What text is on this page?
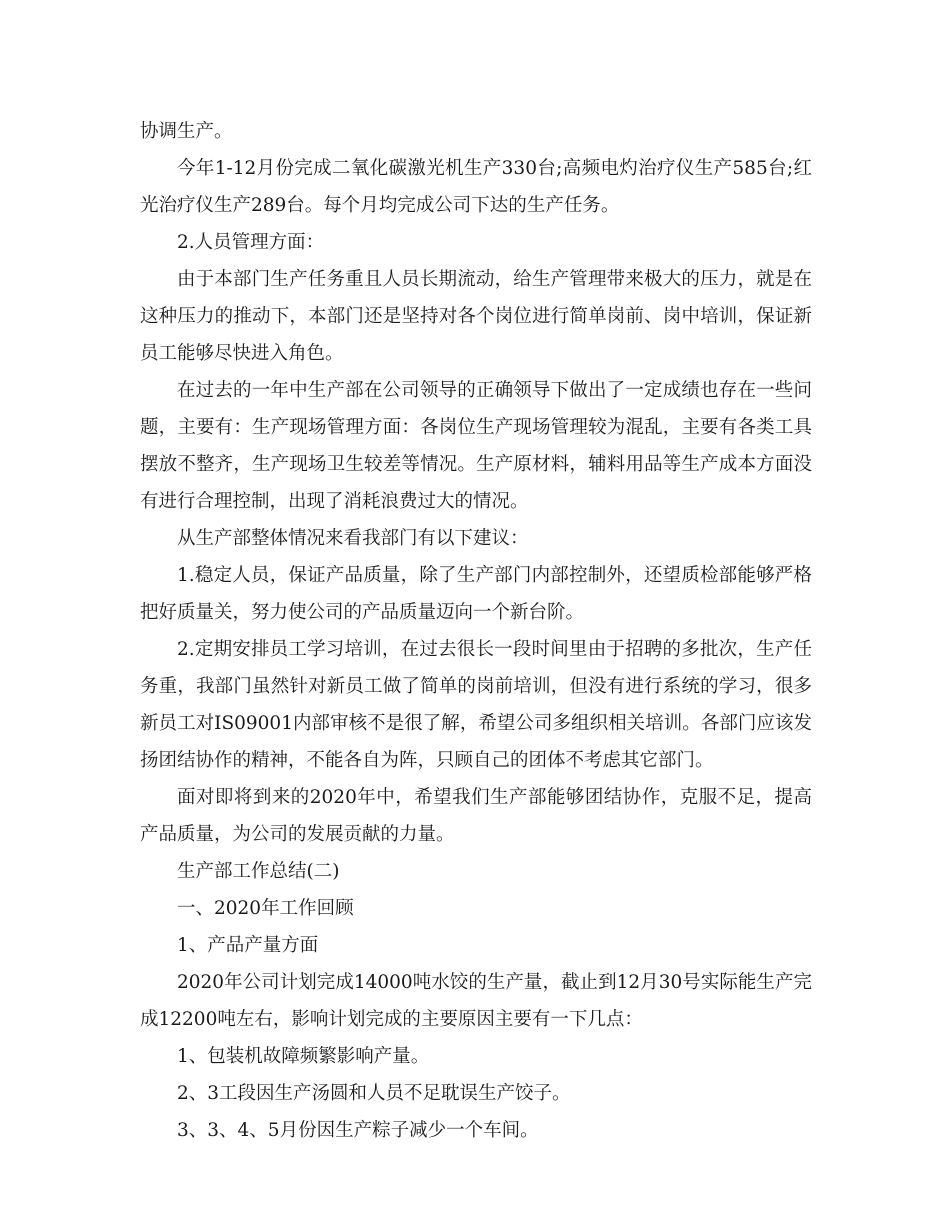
协调生产。

今年1-12月份完成二氧化碳激光机生产330台;高频电灼治疗仪生产585台;红光治疗仪生产289台。每个月均完成公司下达的生产任务。

2.人员管理方面：

由于本部门生产任务重且人员长期流动，给生产管理带来极大的压力，就是在这种压力的推动下，本部门还是坚持对各个岗位进行简单岗前、岗中培训，保证新员工能够尽快进入角色。

在过去的一年中生产部在公司领导的正确领导下做出了一定成绩也存在一些问题，主要有：生产现场管理方面：各岗位生产现场管理较为混乱，主要有各类工具摆放不整齐，生产现场卫生较差等情况。生产原材料，辅料用品等生产成本方面没有进行合理控制，出现了消耗浪费过大的情况。

从生产部整体情况来看我部门有以下建议：

1.稳定人员，保证产品质量，除了生产部门内部控制外，还望质检部能够严格把好质量关，努力使公司的产品质量迈向一个新台阶。

2.定期安排员工学习培训，在过去很长一段时间里由于招聘的多批次，生产任务重，我部门虽然针对新员工做了简单的岗前培训，但没有进行系统的学习，很多新员工对IS09001内部审核不是很了解，希望公司多组织相关培训。各部门应该发扬团结协作的精神，不能各自为阵，只顾自己的团体不考虑其它部门。

面对即将到来的2020年中，希望我们生产部能够团结协作，克服不足，提高产品质量，为公司的发展贡献的力量。

生产部工作总结(二)

一、2020年工作回顾

1、产品产量方面

2020年公司计划完成14000吨水饺的生产量，截止到12月30号实际能生产完成12200吨左右，影响计划完成的主要原因主要有一下几点：

1、包装机故障频繁影响产量。

2、3工段因生产汤圆和人员不足耽误生产饺子。

3、3、4、5月份因生产粽子减少一个车间。
